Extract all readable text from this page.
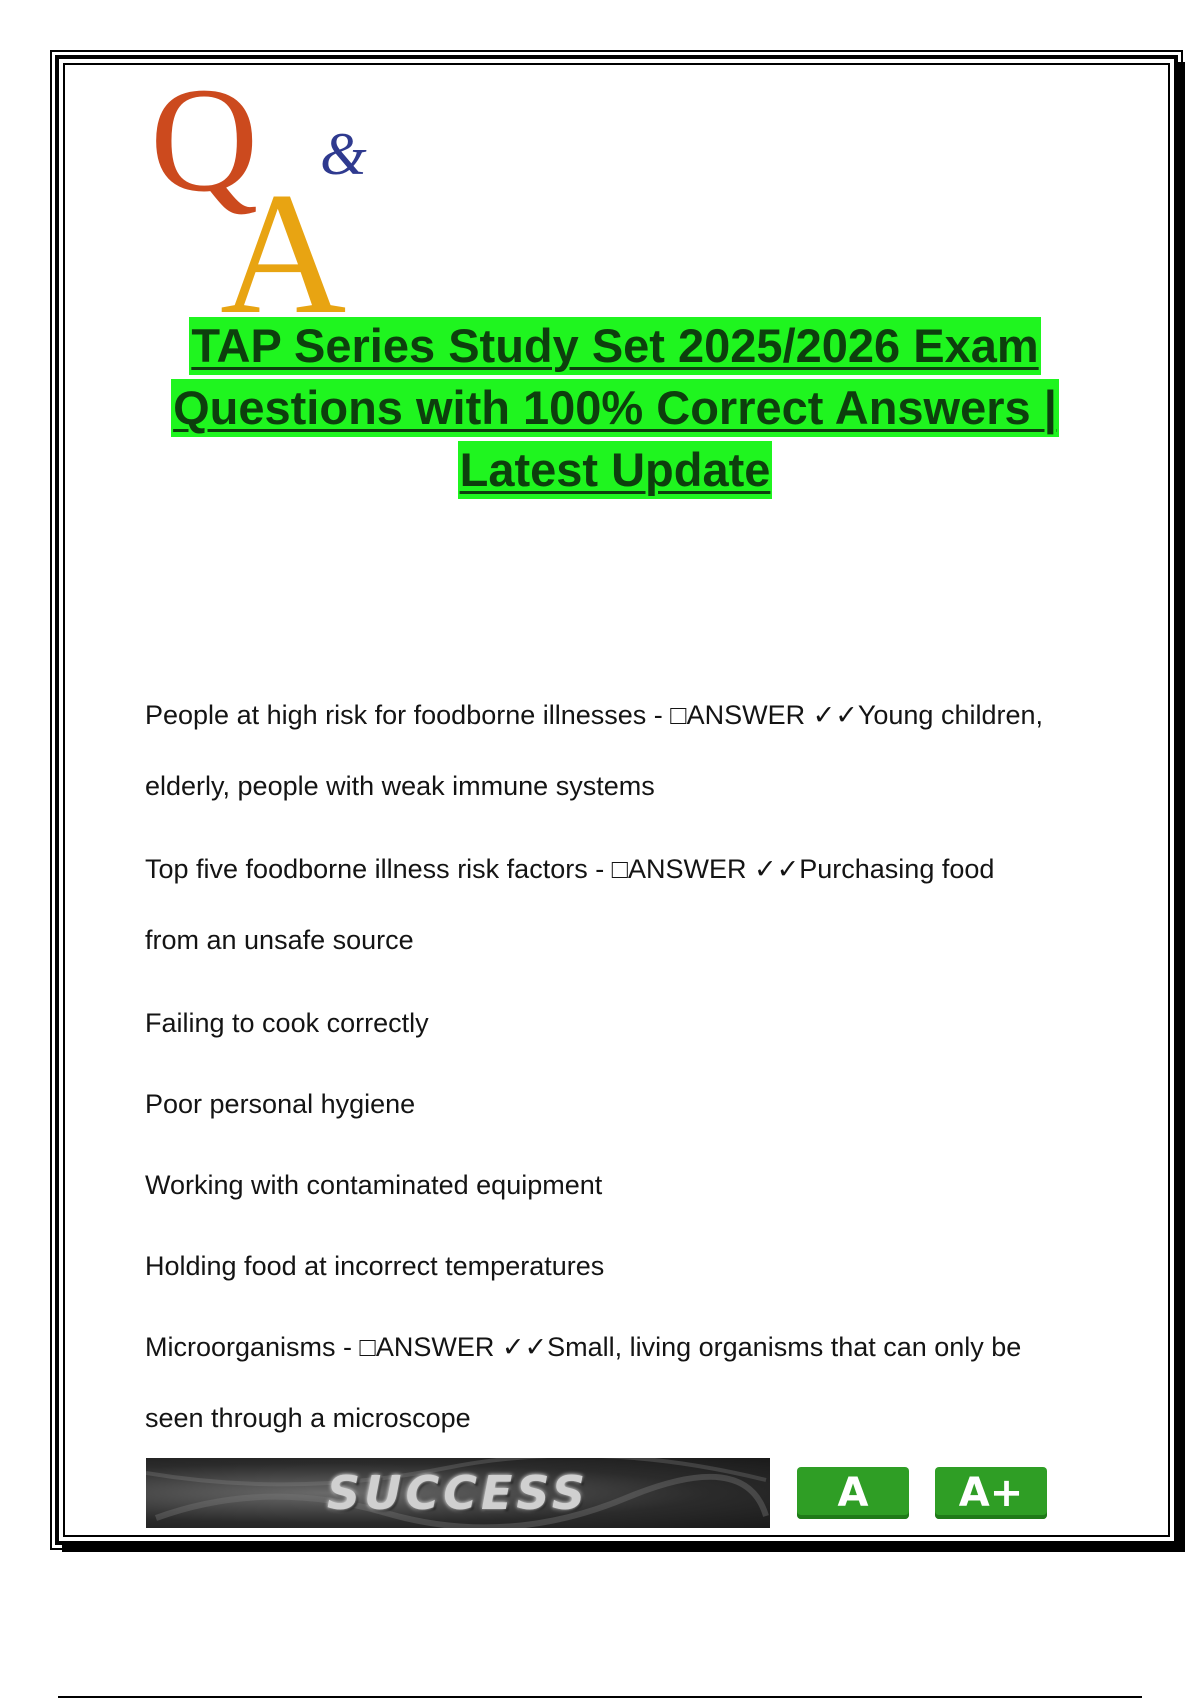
Q &
A
TAP Series Study Set 2025/2026 Exam
Questions with 100% Correct Answers |
Latest Update
People at high risk for foodborne illnesses - □ANSWER ✓✓Young children,
elderly, people with weak immune systems
Top five foodborne illness risk factors - □ANSWER ✓✓Purchasing food
from an unsafe source
Failing to cook correctly
Poor personal hygiene
Working with contaminated equipment
Holding food at incorrect temperatures
Microorganisms - □ANSWER ✓✓Small, living organisms that can only be
seen through a microscope
SUCCESS	A	A+
